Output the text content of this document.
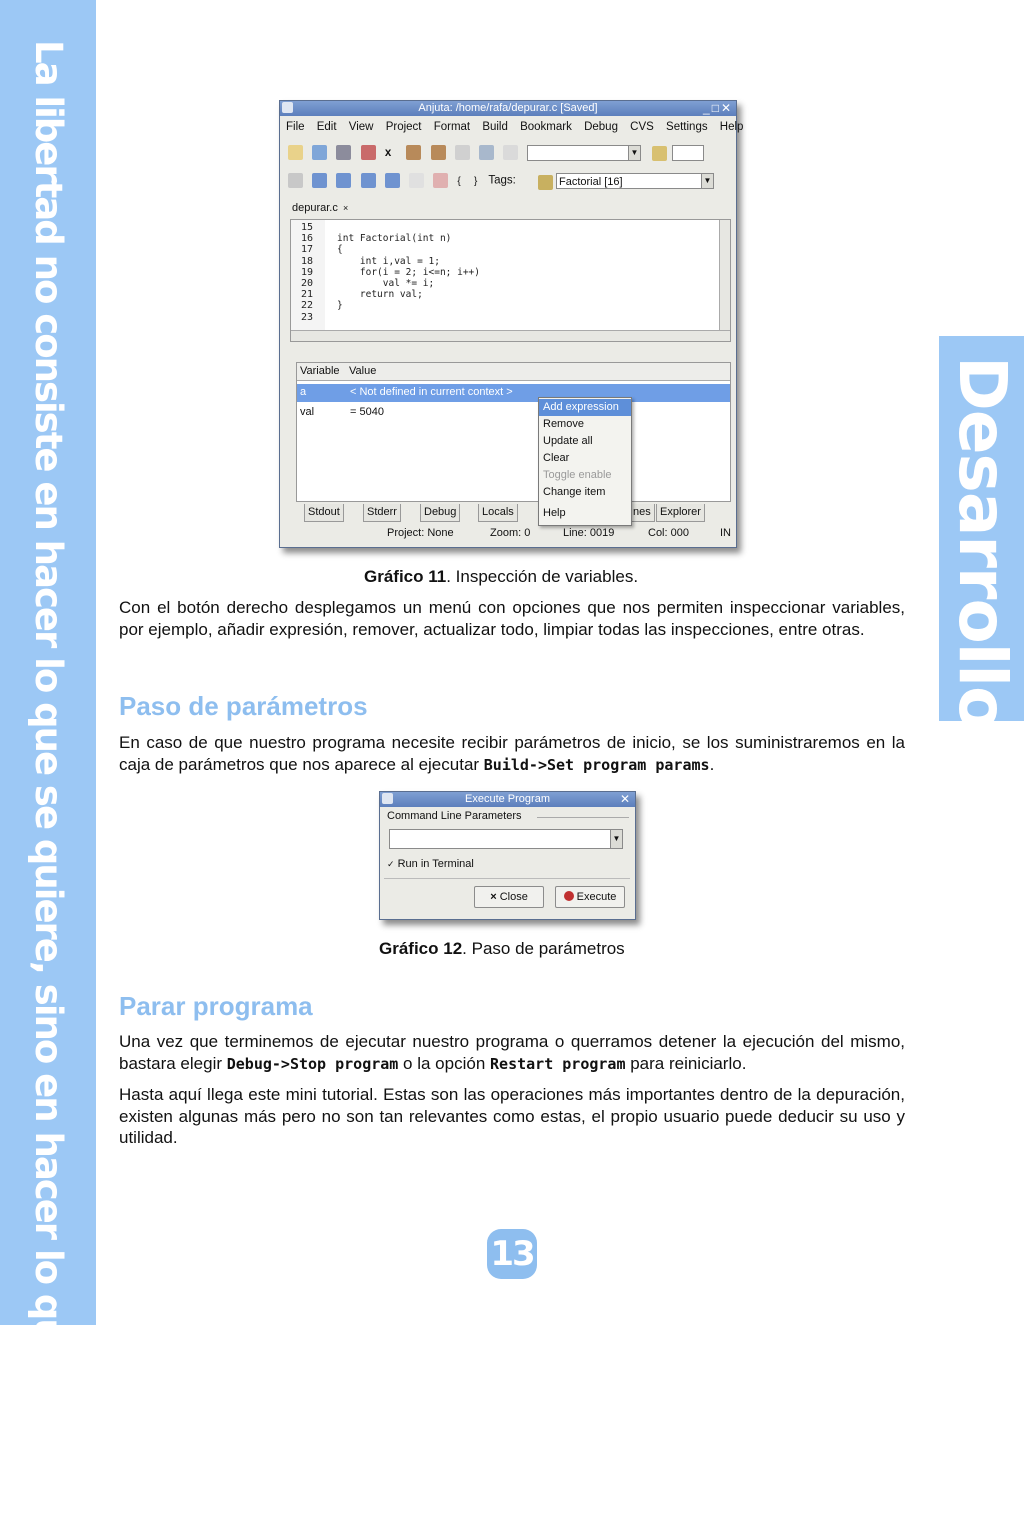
La libertad no consiste en hacer lo que se quiere, sino en hacer lo que se debe	Desarrollo
Anjuta: /home/rafa/depurar.c [Saved]	_□✕
File Edit View Project Format Build Bookmark Debug CVS Settings Help
x	▼
{ } Tags:	Factorial [16]	▼
depurar.c ×
15
16	int Factorial(int n)
17	{
18	int i,val = 1;
19	for(i = 2; i<=n; i++)
20	val *= i;
21	return val;
22	}
23
Variable Value
a	< Not defined in current context >
val	= 5040
Stdout	Stderr	Debug	Locals	nes Explorer
Add expression
Remove
Update all
Clear
Toggle enable
Change item
Help
Project: None	Zoom: 0	Line: 0019	Col: 000	IN
Gráfico 11. Inspección de variables.
Con el botón derecho desplegamos un menú con opciones que nos permiten inspeccionar variables, por ejemplo, añadir expresión, remover, actualizar todo, limpiar todas las inspecciones, entre otras.
Paso de parámetros
En caso de que nuestro programa necesite recibir parámetros de inicio, se los suministraremos en la caja de parámetros que nos aparece al ejecutar Build->Set program params.
Execute Program	✕
Command Line Parameters
▼
✓ Run in Terminal
× Close	Execute
Gráfico 12. Paso de parámetros
Parar programa
Una vez que terminemos de ejecutar nuestro programa o querramos detener la ejecución del mismo, bastara elegir Debug->Stop program o la opción Restart program para reiniciarlo.
Hasta aquí llega este mini tutorial. Estas son las operaciones más importantes dentro de la depuración, existen algunas más pero no son tan relevantes como estas, el propio usuario puede deducir su uso y utilidad.
13
